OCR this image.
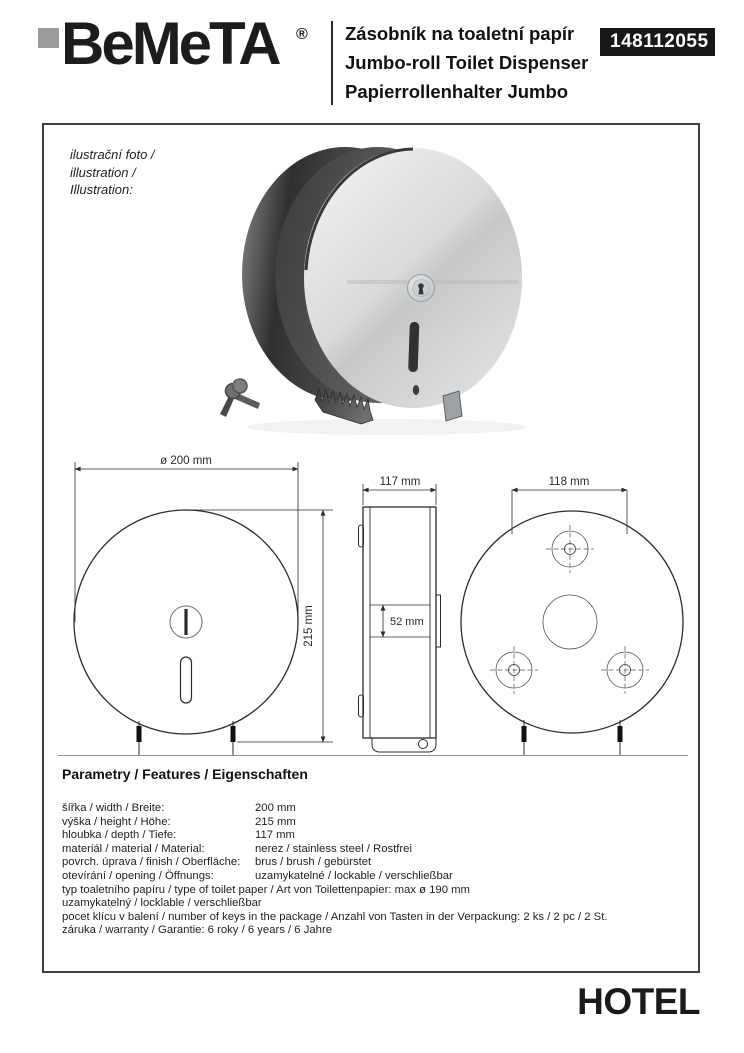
BeMeTA ® Zásobník na toaletní papír
Jumbo-roll Toilet Dispenser
Papierrollenhalter Jumbo
148112055
ilustrační foto /
illustration /
Illustration:
ø 200 mm
215 mm
117 mm
52 mm
118 mm
Parametry / Features / Eigenschaften
šířka / width / Breite:	200 mm
výška / height / Höhe:	215 mm
hloubka / depth / Tiefe:	117 mm
materiál / material / Material:	nerez / stainless steel / Rostfrei
povrch. úprava / finish / Oberfläche:	brus / brush / gebürstet
otevírání / opening / Öffnungs:	uzamykatelné / lockable / verschließbar
typ toaletního papíru / type of toilet paper / Art von Toilettenpapier: max ø 190 mm
uzamykatelný / locklable / verschließbar
pocet klícu v balení / number of keys in the package / Anzahl von Tasten in der Verpackung: 2 ks / 2 pc / 2 St.
záruka / warranty / Garantie: 6 roky / 6 years / 6 Jahre
HOTEL
